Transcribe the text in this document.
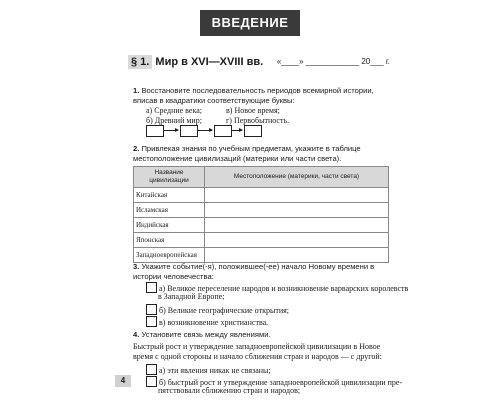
ВВЕДЕНИЕ
§ 1. Мир в XVI—XVIII вв. «____» ____________ 20___ г.
1. Восстановите последовательность периодов всемирной истории, вписав в квадратики соответствующие буквы:
а) Средние века;
б) Древний мир;
в) Новое время;
г) Первобытность.
2. Привлекая знания по учебным предметам, укажите в таблице местоположение цивилизаций (материки или части света).
Название цивилизации	Местоположение (материки, части света)
Китайская	
Исламская	
Индийская	
Японская	
Западноевропейская	
3. Укажите событие(-я), положившее(-ее) начало Новому времени в истории человечества:
а) Великое переселение народов и возникновение варварских королевств
в Западной Европе;
б) Великие географические открытия;
в) возникновение христианства.
4. Установите связь между явлениями.
Быстрый рост и утверждение западноевропейской цивилизации в Новое время с одной стороны и начало сближения стран и народов — с другой:
а) эти явления никак не связаны;
б) быстрый рост и утверждение западноевропейской цивилизации пре-
пятствовали сближению стран и народов;
4
